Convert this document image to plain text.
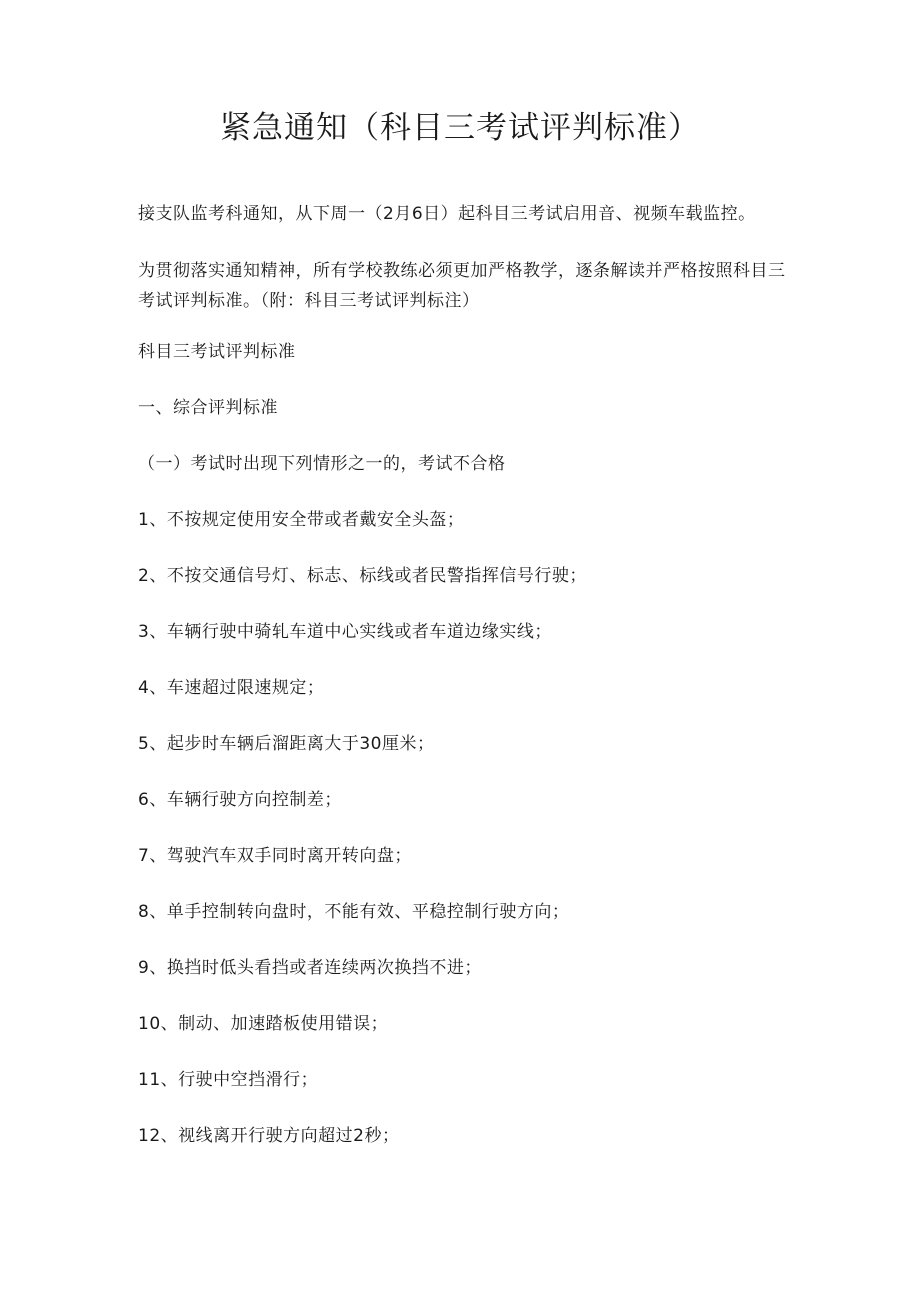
紧急通知（科目三考试评判标准）

接支队监考科通知，从下周一（2月6日）起科目三考试启用音、视频车载监控。

为贯彻落实通知精神，所有学校教练必须更加严格教学，逐条解读并严格按照科目三考试评判标准。（附：科目三考试评判标注）

科目三考试评判标准

一、综合评判标准

（一）考试时出现下列情形之一的，考试不合格

1、不按规定使用安全带或者戴安全头盔；

2、不按交通信号灯、标志、标线或者民警指挥信号行驶；

3、车辆行驶中骑轧车道中心实线或者车道边缘实线；

4、车速超过限速规定；

5、起步时车辆后溜距离大于30厘米；

6、车辆行驶方向控制差；

7、驾驶汽车双手同时离开转向盘；

8、单手控制转向盘时，不能有效、平稳控制行驶方向；

9、换挡时低头看挡或者连续两次换挡不进；

10、制动、加速踏板使用错误；

11、行驶中空挡滑行；

12、视线离开行驶方向超过2秒；
